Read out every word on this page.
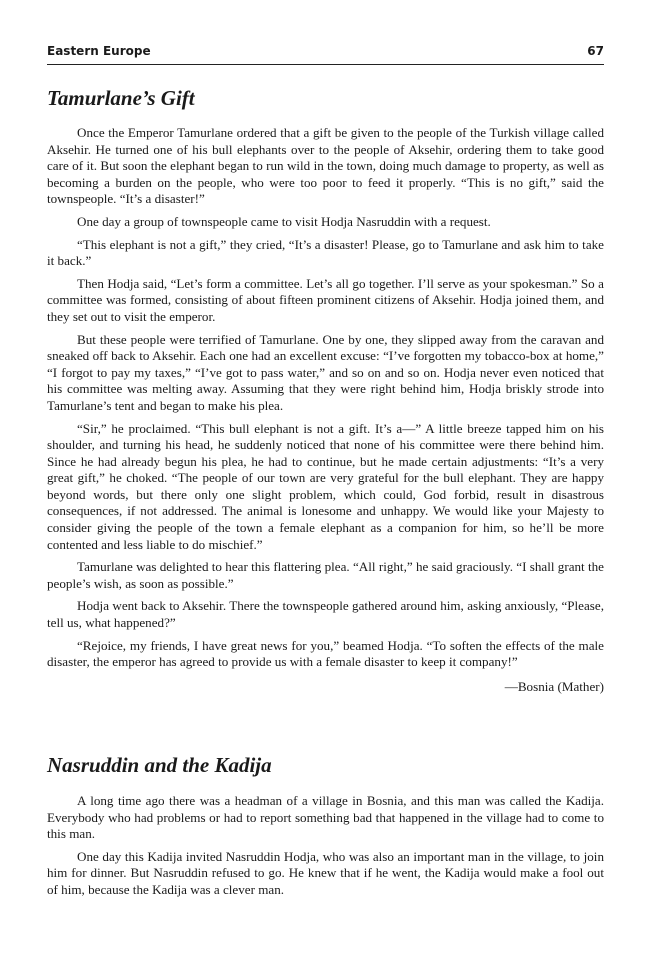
Eastern Europe	67
Tamurlane’s Gift

Once the Emperor Tamurlane ordered that a gift be given to the people of the Turkish village called Aksehir. He turned one of his bull elephants over to the people of Aksehir, ordering them to take good care of it. But soon the elephant began to run wild in the town, doing much damage to property, as well as becoming a burden on the people, who were too poor to feed it properly. “This is no gift,” said the townspeople. “It’s a disaster!”

One day a group of townspeople came to visit Hodja Nasruddin with a request.

“This elephant is not a gift,” they cried, “It’s a disaster! Please, go to Tamurlane and ask him to take it back.”

Then Hodja said, “Let’s form a committee. Let’s all go together. I’ll serve as your spokesman.” So a committee was formed, consisting of about fifteen prominent citizens of Aksehir. Hodja joined them, and they set out to visit the emperor.

But these people were terrified of Tamurlane. One by one, they slipped away from the caravan and sneaked off back to Aksehir. Each one had an excellent excuse: “I’ve forgotten my tobacco-box at home,” “I forgot to pay my taxes,” “I’ve got to pass water,” and so on and so on. Hodja never even noticed that his committee was melting away. Assuming that they were right behind him, Hodja briskly strode into Tamurlane’s tent and began to make his plea.

“Sir,” he proclaimed. “This bull elephant is not a gift. It’s a—” A little breeze tapped him on his shoulder, and turning his head, he suddenly noticed that none of his committee were there behind him. Since he had already begun his plea, he had to continue, but he made certain adjustments: “It’s a very great gift,” he choked. “The people of our town are very grateful for the bull elephant. They are happy beyond words, but there only one slight problem, which could, God forbid, result in disastrous consequences, if not addressed. The animal is lonesome and unhappy. We would like your Majesty to consider giving the people of the town a female elephant as a companion for him, so he’ll be more contented and less liable to do mischief.”

Tamurlane was delighted to hear this flattering plea. “All right,” he said graciously. “I shall grant the people’s wish, as soon as possible.”

Hodja went back to Aksehir. There the townspeople gathered around him, asking anxiously, “Please, tell us, what happened?”

“Rejoice, my friends, I have great news for you,” beamed Hodja. “To soften the effects of the male disaster, the emperor has agreed to provide us with a female disaster to keep it company!”

—Bosnia (Mather)

Nasruddin and the Kadija

A long time ago there was a headman of a village in Bosnia, and this man was called the Kadija. Everybody who had problems or had to report something bad that happened in the village had to come to this man.

One day this Kadija invited Nasruddin Hodja, who was also an important man in the village, to join him for dinner. But Nasruddin refused to go. He knew that if he went, the Kadija would make a fool out of him, because the Kadija was a clever man.
